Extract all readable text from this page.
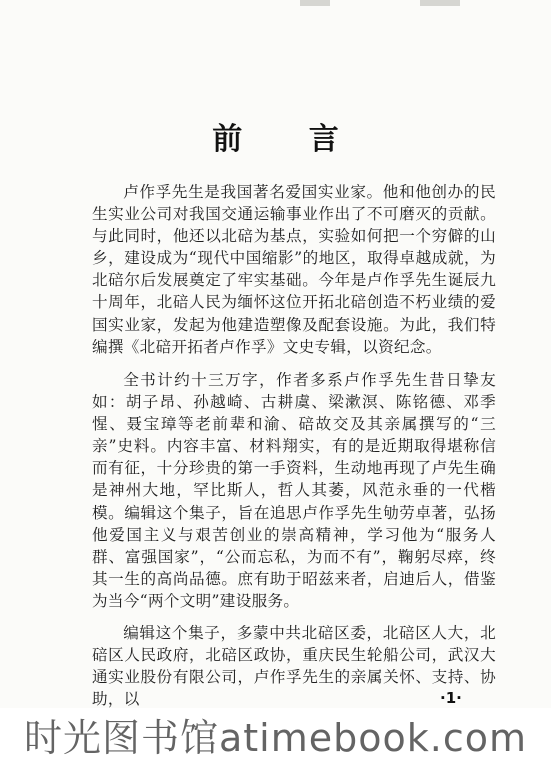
前 言

卢作孚先生是我国著名爱国实业家。他和他创办的民生实业公司对我国交通运输事业作出了不可磨灭的贡献。与此同时，他还以北碚为基点，实验如何把一个穷僻的山乡，建设成为“现代中国缩影”的地区，取得卓越成就，为北碚尔后发展奠定了牢实基础。今年是卢作孚先生诞辰九十周年，北碚人民为缅怀这位开拓北碚创造不朽业绩的爱国实业家，发起为他建造塑像及配套设施。为此，我们特编撰《北碚开拓者卢作孚》文史专辑，以资纪念。

全书计约十三万字，作者多系卢作孚先生昔日挚友如：胡子昂、孙越崎、古耕虞、梁漱溟、陈铭德、邓季惺、聂宝璋等老前辈和渝、碚故交及其亲属撰写的“三亲”史料。内容丰富、材料翔实，有的是近期取得堪称信而有征，十分珍贵的第一手资料，生动地再现了卢先生确是神州大地，罕比斯人，哲人其萎，风范永垂的一代楷模。编辑这个集子，旨在追思卢作孚先生劬劳卓著，弘扬他爱国主义与艰苦创业的崇高精神，学习他为“服务人群、富强国家”，“公而忘私，为而不有”，鞠躬尽瘁，终其一生的高尚品德。庶有助于昭兹来者，启迪后人，借鉴为当今“两个文明”建设服务。

编辑这个集子，多蒙中共北碚区委，北碚区人大，北碚区人民政府，北碚区政协，重庆民生轮船公司，武汉大通实业股份有限公司，卢作孚先生的亲属关怀、支持、协助，以	·1·
时光图书馆atimebook.com
